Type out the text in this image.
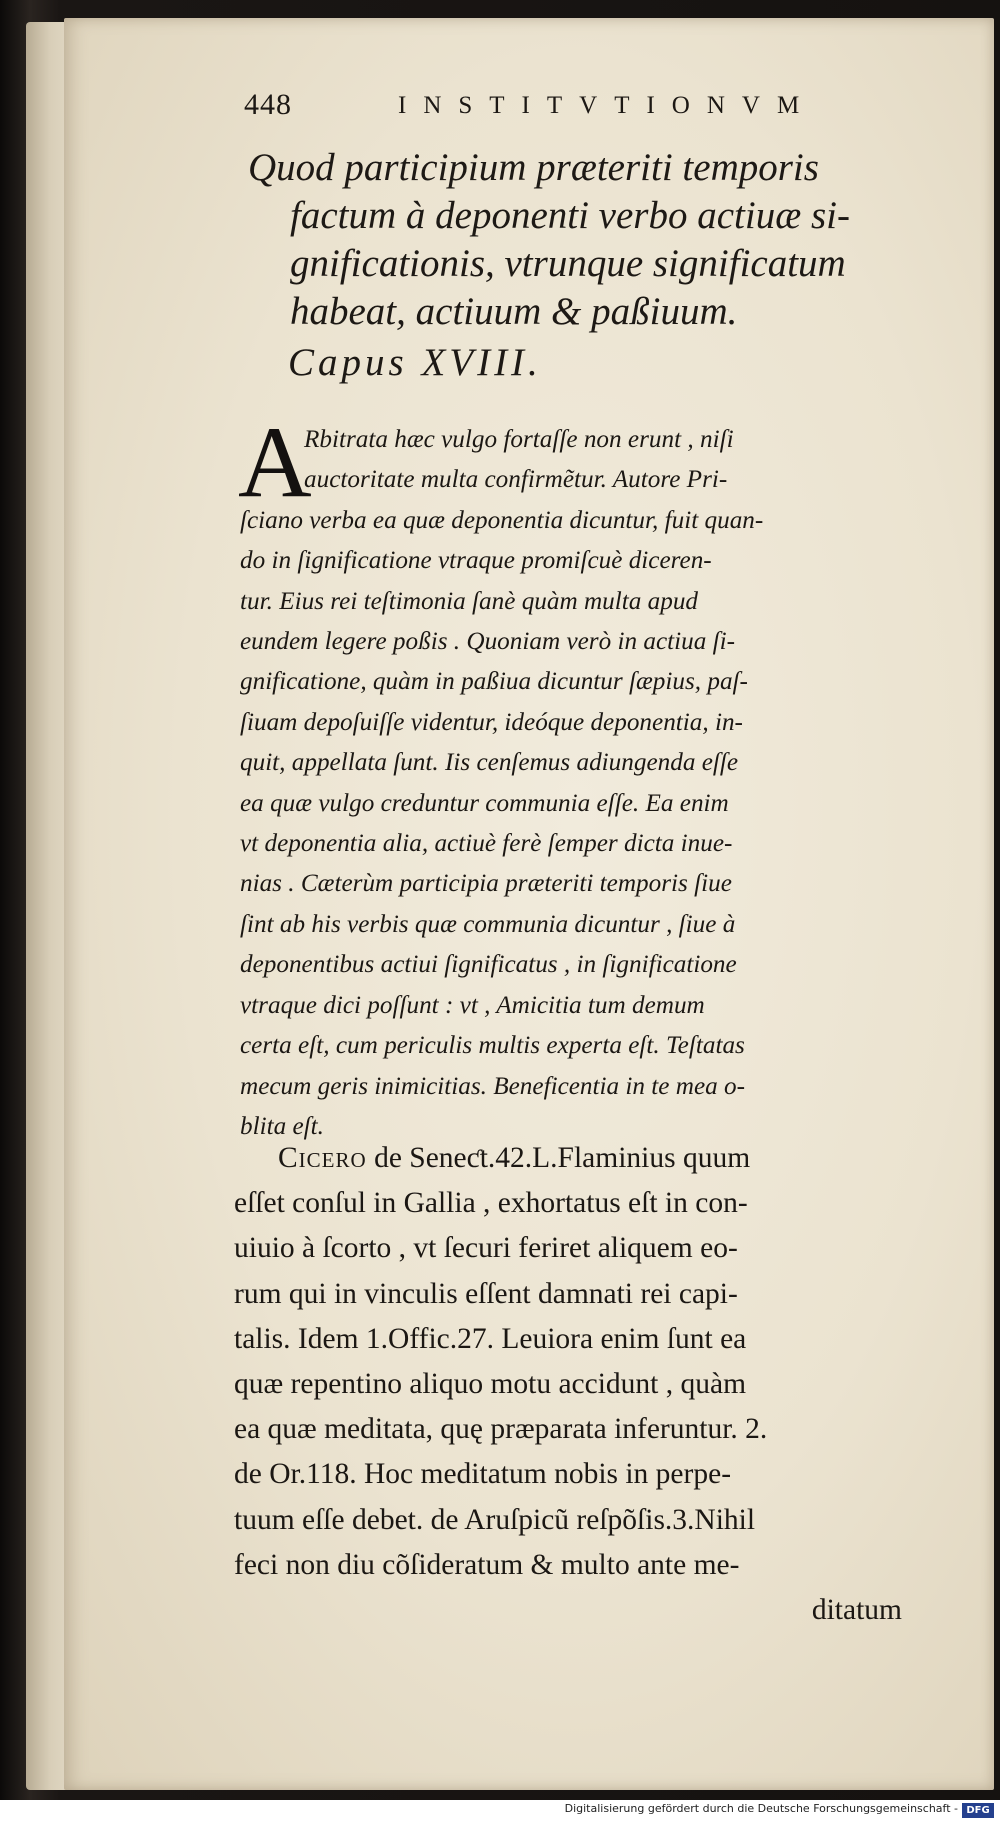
448	INSTITVTIONVM
Quod participium præteriti temporis
factum à deponenti verbo actiuæ si-
gnificationis, vtrunque significatum
habeat, actiuum & paßiuum.
Capus XVIII.
A
Rbitrata hæc vulgo fortaſſe non erunt , niſi
auctoritate multa confirmẽtur. Autore Pri-
ſciano verba ea quæ deponentia dicuntur, fuit quan-
do in ſignificatione vtraque promiſcuè diceren-
tur. Eius rei teſtimonia ſanè quàm multa apud
eundem legere poßis . Quoniam verò in actiua ſi-
gnificatione, quàm in paßiua dicuntur ſæpius, paſ-
ſiuam depoſuiſſe videntur, ideóque deponentia, in-
quit, appellata ſunt. Iis cenſemus adiungenda eſſe
ea quæ vulgo creduntur communia eſſe. Ea enim
vt deponentia alia, actiuè ferè ſemper dicta inue-
nias . Cæterùm participia præteriti temporis ſiue
ſint ab his verbis quæ communia dicuntur , ſiue à
deponentibus actiui ſignificatus , in ſignificatione
vtraque dici poſſunt : vt , Amicitia tum demum
certa eſt, cum periculis multis experta eſt. Teſtatas
mecum geris inimicitias. Beneficentia in te mea o-
blita eſt.
Cicero de Seneƈt.42.L.Flaminius quum
eſſet conſul in Gallia , exhortatus eſt in con-
uiuio à ſcorto , vt ſecuri feriret aliquem eo-
rum qui in vinculis eſſent damnati rei capi-
talis. Idem 1.Offic.27. Leuiora enim ſunt ea
quæ repentino aliquo motu accidunt , quàm
ea quæ meditata, quę præparata inferuntur. 2.
de Or.118. Hoc meditatum nobis in perpe-
tuum eſſe debet. de Aruſpicũ reſpõſis.3.Nihil
feci non diu cõſideratum & multo ante me-
ditatum
Digitalisierung gefördert durch die Deutsche Forschungsgemeinschaft - DFG
